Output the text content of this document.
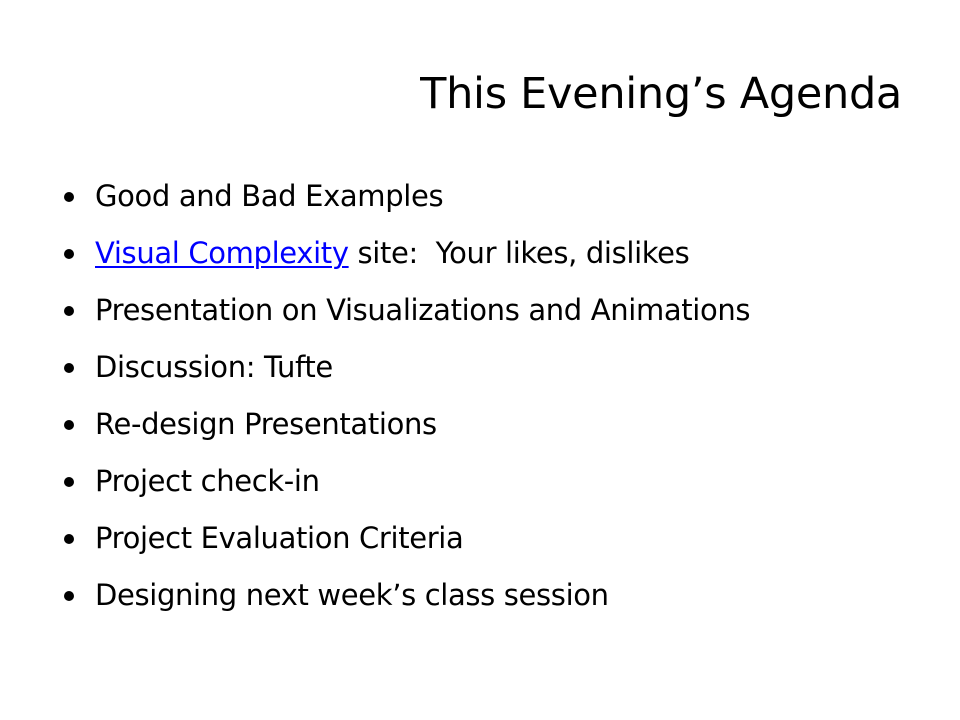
This Evening’s Agenda
Good and Bad Examples
Visual Complexity site:  Your likes, dislikes
Presentation on Visualizations and Animations
Discussion: Tufte
Re-design Presentations
Project check-in
Project Evaluation Criteria
Designing next week’s class session
